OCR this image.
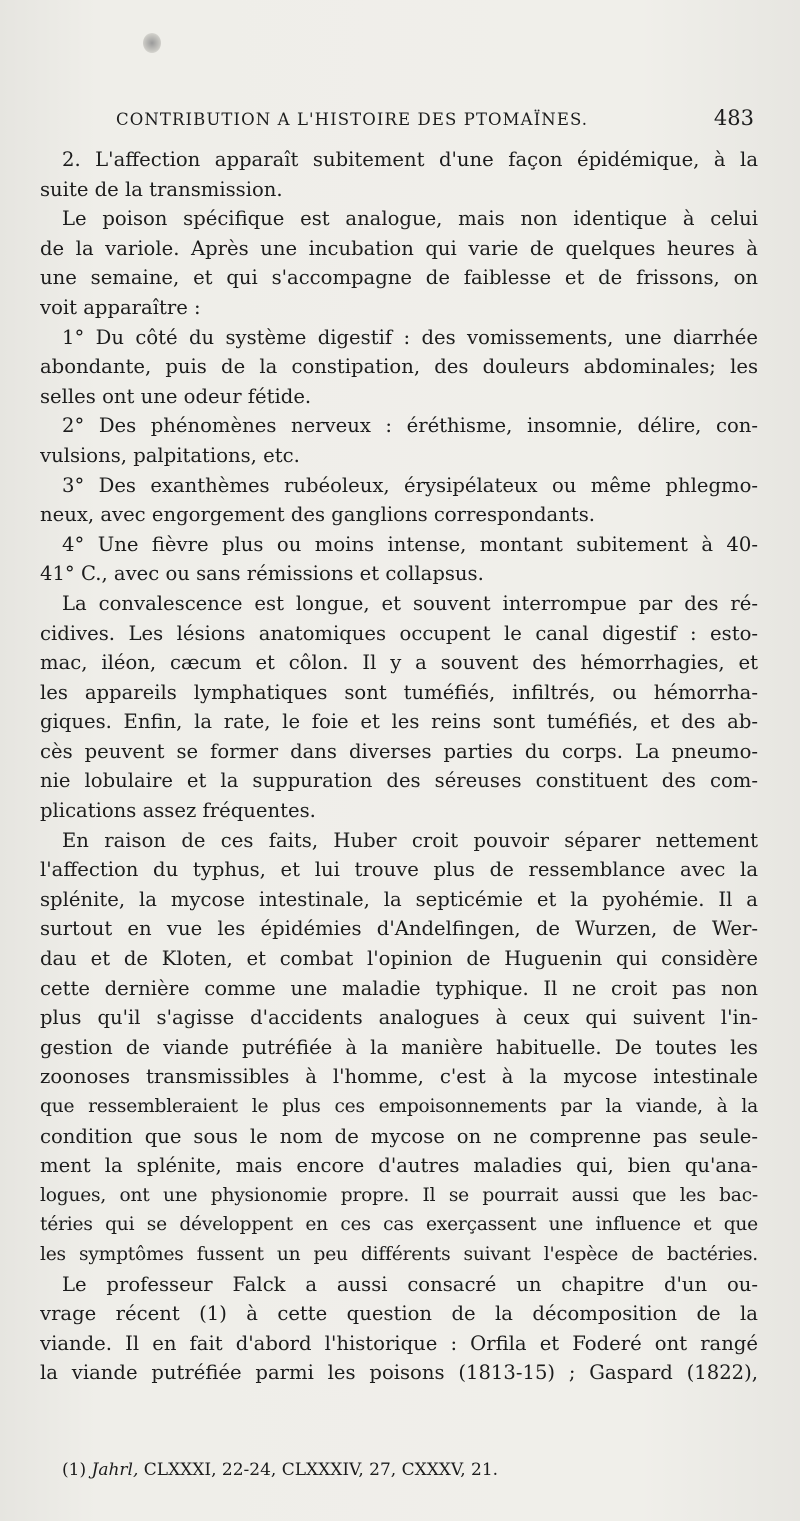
CONTRIBUTION A L'HISTOIRE DES PTOMAÏNES.	483
2. L'affection apparaît subitement d'une façon épidémique, à la
suite de la transmission.
Le poison spécifique est analogue, mais non identique à celui
de la variole. Après une incubation qui varie de quelques heures à
une semaine, et qui s'accompagne de faiblesse et de frissons, on
voit apparaître :
1° Du côté du système digestif : des vomissements, une diarrhée
abondante, puis de la constipation, des douleurs abdominales; les
selles ont une odeur fétide.
2° Des phénomènes nerveux : éréthisme, insomnie, délire, con-
vulsions, palpitations, etc.
3° Des exanthèmes rubéoleux, érysipélateux ou même phlegmo-
neux, avec engorgement des ganglions correspondants.
4° Une fièvre plus ou moins intense, montant subitement à 40-
41° C., avec ou sans rémissions et collapsus.
La convalescence est longue, et souvent interrompue par des ré-
cidives. Les lésions anatomiques occupent le canal digestif : esto-
mac, iléon, cæcum et côlon. Il y a souvent des hémorrhagies, et
les appareils lymphatiques sont tuméfiés, infiltrés, ou hémorrha-
giques. Enfin, la rate, le foie et les reins sont tuméfiés, et des ab-
cès peuvent se former dans diverses parties du corps. La pneumo-
nie lobulaire et la suppuration des séreuses constituent des com-
plications assez fréquentes.
En raison de ces faits, Huber croit pouvoir séparer nettement
l'affection du typhus, et lui trouve plus de ressemblance avec la
splénite, la mycose intestinale, la septicémie et la pyohémie. Il a
surtout en vue les épidémies d'Andelfingen, de Wurzen, de Wer-
dau et de Kloten, et combat l'opinion de Huguenin qui considère
cette dernière comme une maladie typhique. Il ne croit pas non
plus qu'il s'agisse d'accidents analogues à ceux qui suivent l'in-
gestion de viande putréfiée à la manière habituelle. De toutes les
zoonoses transmissibles à l'homme, c'est à la mycose intestinale
que ressembleraient le plus ces empoisonnements par la viande, à la
condition que sous le nom de mycose on ne comprenne pas seule-
ment la splénite, mais encore d'autres maladies qui, bien qu'ana-
logues, ont une physionomie propre. Il se pourrait aussi que les bac-
téries qui se développent en ces cas exerçassent une influence et que
les symptômes fussent un peu différents suivant l'espèce de bactéries.
Le professeur Falck a aussi consacré un chapitre d'un ou-
vrage récent (1) à cette question de la décomposition de la
viande. Il en fait d'abord l'historique : Orfila et Foderé ont rangé
la viande putréfiée parmi les poisons (1813-15) ; Gaspard (1822),
(1) Jahrl, CLXXXI, 22-24, CLXXXIV, 27, CXXXV, 21.
